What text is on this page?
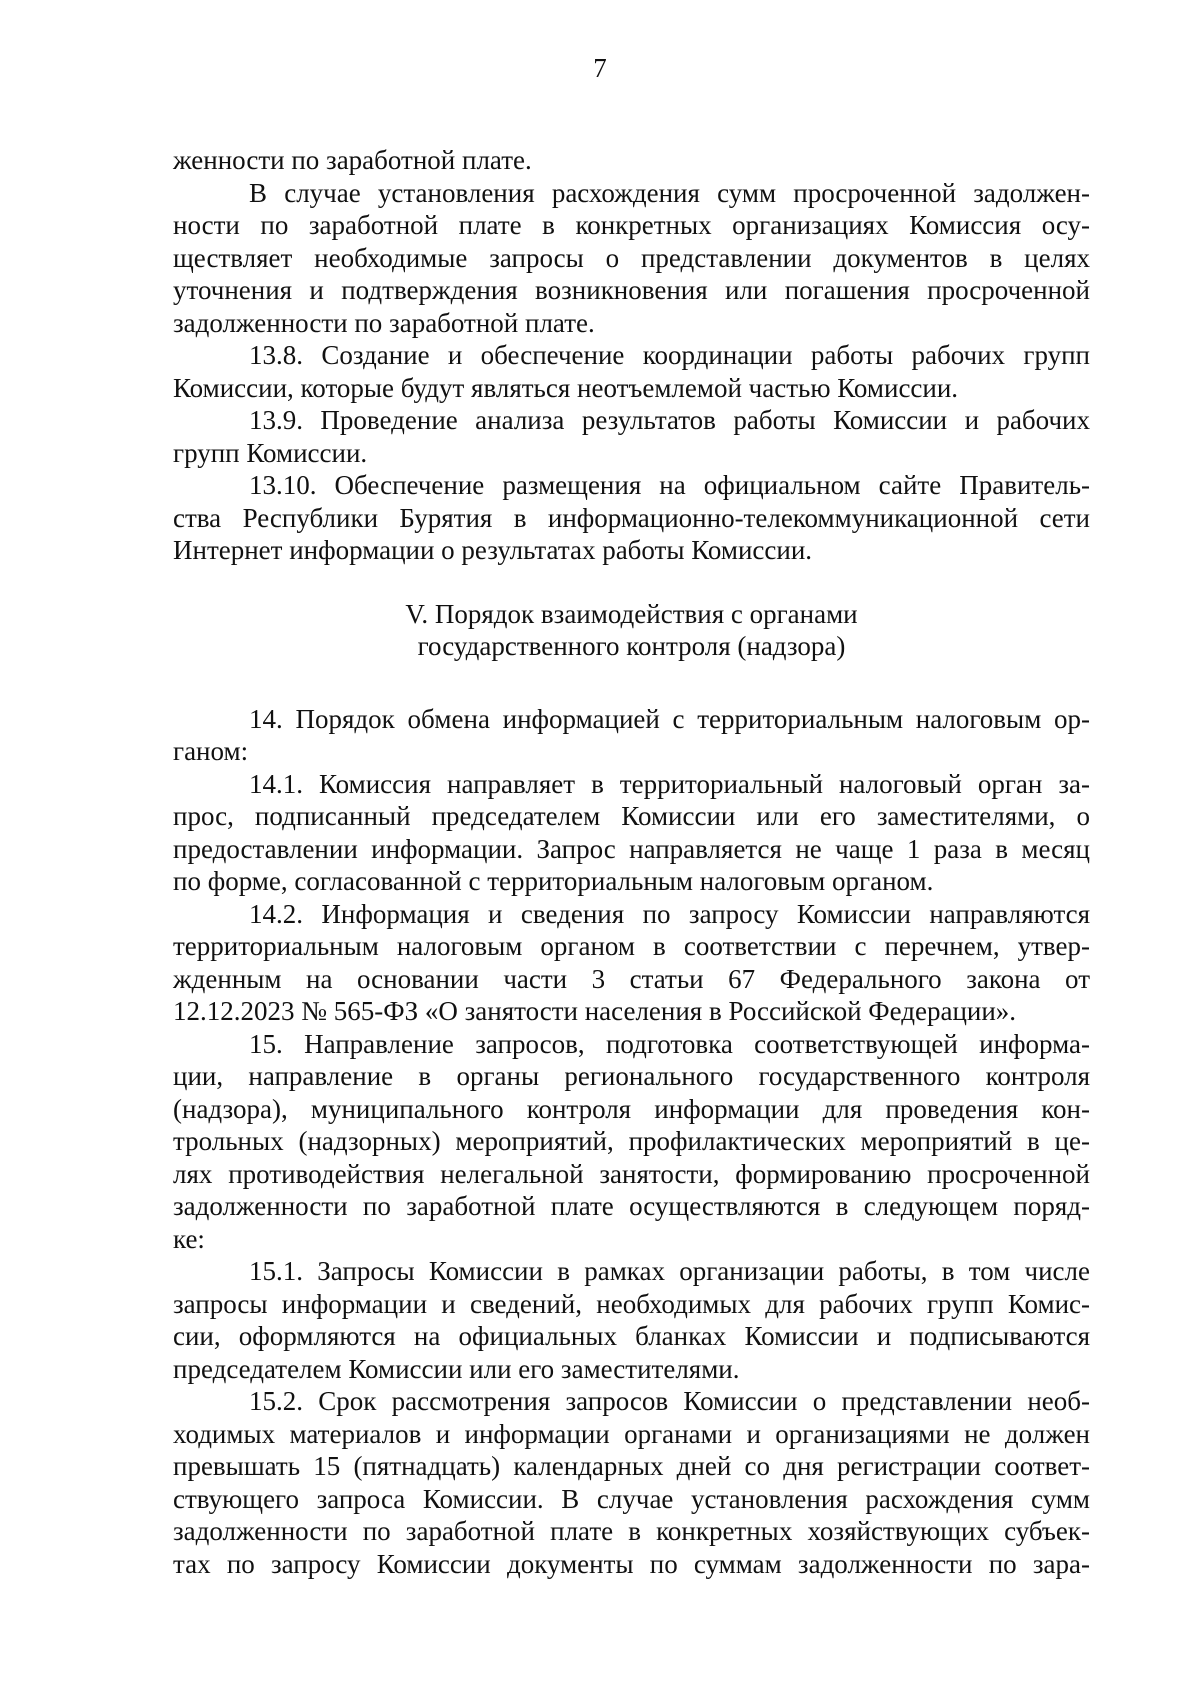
7
женности по заработной плате.
В случае установления расхождения сумм просроченной задолжен-
ности по заработной плате в конкретных организациях Комиссия осу-
ществляет необходимые запросы о представлении документов в целях
уточнения и подтверждения возникновения или погашения просроченной
задолженности по заработной плате.
13.8. Создание и обеспечение координации работы рабочих групп
Комиссии, которые будут являться неотъемлемой частью Комиссии.
13.9. Проведение анализа результатов работы Комиссии и рабочих
групп Комиссии.
13.10. Обеспечение размещения на официальном сайте Правитель-
ства Республики Бурятия в информационно-телекоммуникационной сети
Интернет информации о результатах работы Комиссии.
V. Порядок взаимодействия с органами
государственного контроля (надзора)
14. Порядок обмена информацией с территориальным налоговым ор-
ганом:
14.1. Комиссия направляет в территориальный налоговый орган за-
прос, подписанный председателем Комиссии или его заместителями, о
предоставлении информации. Запрос направляется не чаще 1 раза в месяц
по форме, согласованной с территориальным налоговым органом.
14.2. Информация и сведения по запросу Комиссии направляются
территориальным налоговым органом в соответствии с перечнем, утвер-
жденным на основании части 3 статьи 67 Федерального закона от
12.12.2023 № 565-ФЗ «О занятости населения в Российской Федерации».
15. Направление запросов, подготовка соответствующей информа-
ции, направление в органы регионального государственного контроля
(надзора), муниципального контроля информации для проведения кон-
трольных (надзорных) мероприятий, профилактических мероприятий в це-
лях противодействия нелегальной занятости, формированию просроченной
задолженности по заработной плате осуществляются в следующем поряд-
ке:
15.1. Запросы Комиссии в рамках организации работы, в том числе
запросы информации и сведений, необходимых для рабочих групп Комис-
сии, оформляются на официальных бланках Комиссии и подписываются
председателем Комиссии или его заместителями.
15.2. Срок рассмотрения запросов Комиссии о представлении необ-
ходимых материалов и информации органами и организациями не должен
превышать 15 (пятнадцать) календарных дней со дня регистрации соответ-
ствующего запроса Комиссии. В случае установления расхождения сумм
задолженности по заработной плате в конкретных хозяйствующих субъек-
тах по запросу Комиссии документы по суммам задолженности по зара-
